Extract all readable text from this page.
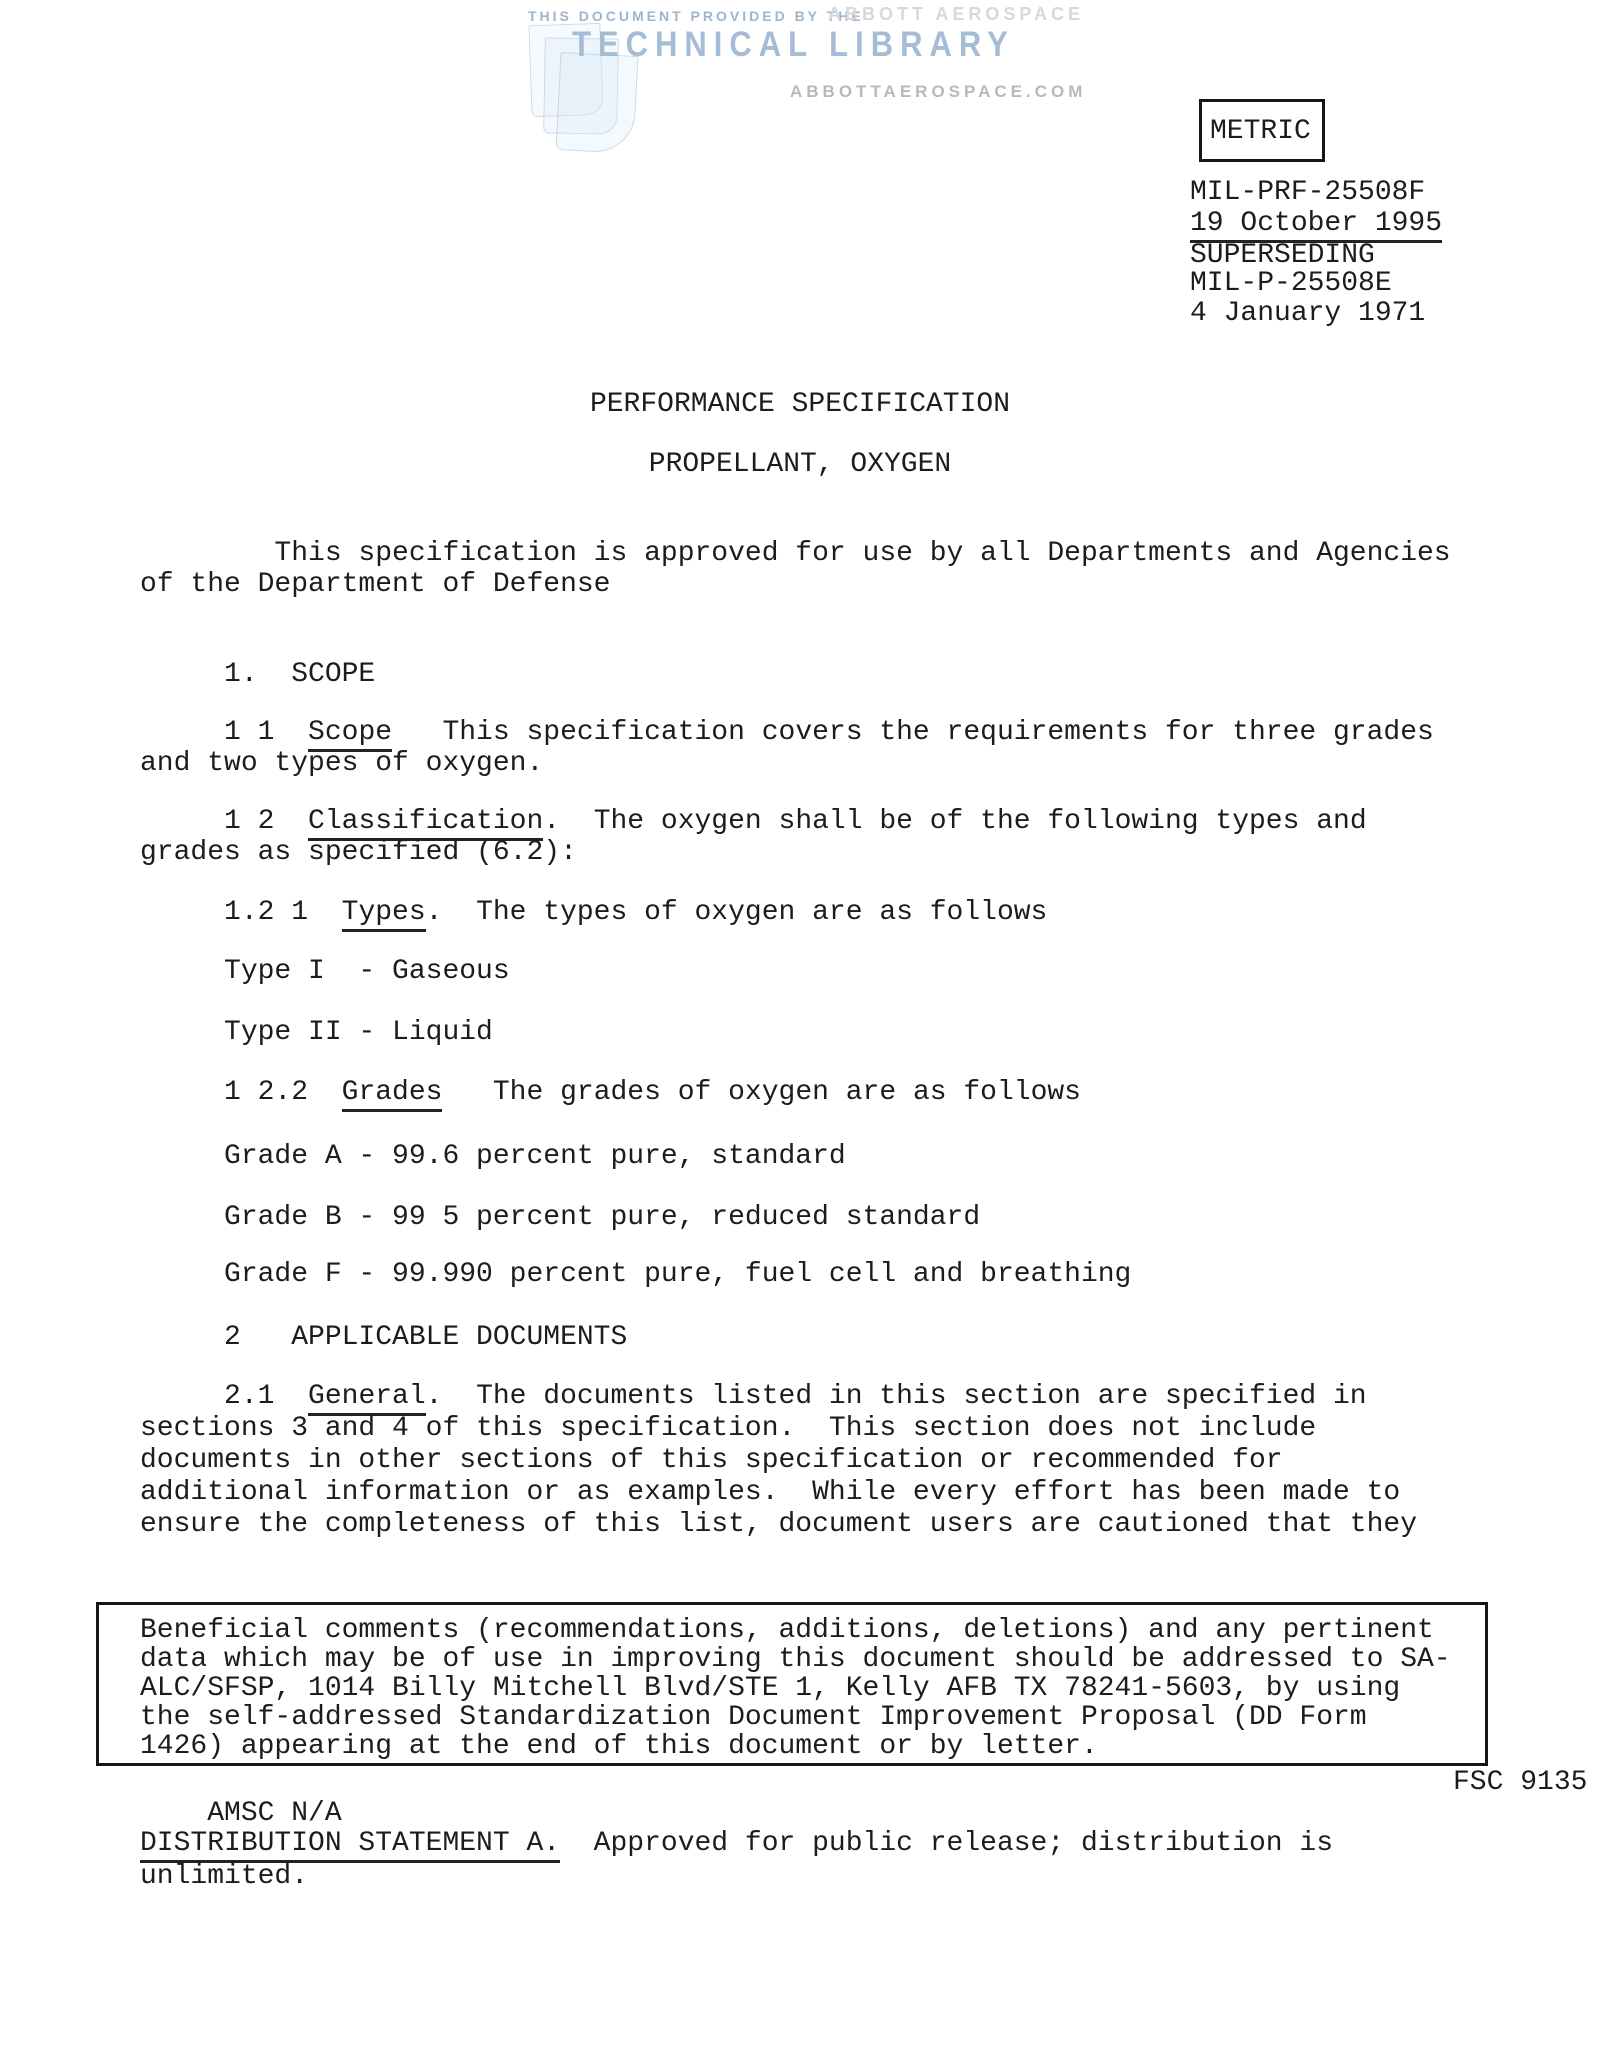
THIS DOCUMENT PROVIDED BY THE
ABBOTT AEROSPACE
TECHNICAL LIBRARY
ABBOTTAEROSPACE.COM
METRIC
MIL-PRF-25508F
19 October 1995
SUPERSEDING
MIL-P-25508E
4 January 1971
PERFORMANCE SPECIFICATION
PROPELLANT, OXYGEN
This specification is approved for use by all Departments and Agencies
of the Department of Defense
1.  SCOPE
1 1  Scope   This specification covers the requirements for three grades
and two types of oxygen.
1 2  Classification.  The oxygen shall be of the following types and
grades as specified (6.2):
1.2 1  Types.  The types of oxygen are as follows
Type I  - Gaseous
Type II - Liquid
1 2.2  Grades   The grades of oxygen are as follows
Grade A - 99.6 percent pure, standard
Grade B - 99 5 percent pure, reduced standard
Grade F - 99.990 percent pure, fuel cell and breathing
2   APPLICABLE DOCUMENTS
2.1  General.  The documents listed in this section are specified in
sections 3 and 4 of this specification.  This section does not include
documents in other sections of this specification or recommended for
additional information or as examples.  While every effort has been made to
ensure the completeness of this list, document users are cautioned that they
Beneficial comments (recommendations, additions, deletions) and any pertinent
data which may be of use in improving this document should be addressed to SA-
ALC/SFSP, 1014 Billy Mitchell Blvd/STE 1, Kelly AFB TX 78241-5603, by using
the self-addressed Standardization Document Improvement Proposal (DD Form
1426) appearing at the end of this document or by letter.

AMSC N/A

FSC 9135

DISTRIBUTION STATEMENT A.  Approved for public release; distribution is
unlimited.
